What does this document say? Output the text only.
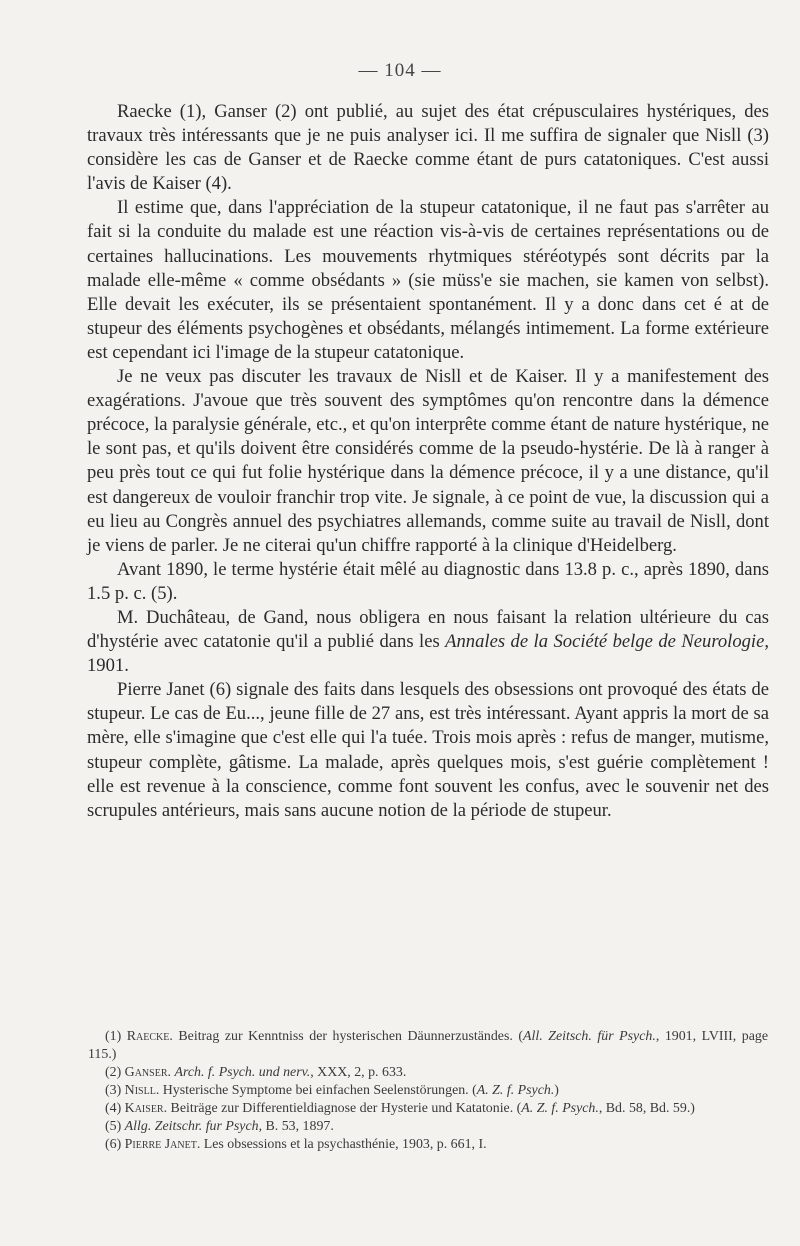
— 104 —

Raecke (1), Ganser (2) ont publié, au sujet des état crépusculaires hystériques, des travaux très intéressants que je ne puis analyser ici. Il me suffira de signaler que Nisll (3) considère les cas de Ganser et de Raecke comme étant de purs catatoniques. C'est aussi l'avis de Kaiser (4).

Il estime que, dans l'appréciation de la stupeur catatonique, il ne faut pas s'arrêter au fait si la conduite du malade est une réaction vis-à-vis de certaines représentations ou de certaines hallucinations. Les mouvements rhytmiques stéréotypés sont décrits par la malade elle-même « comme obsédants » (sie müss'e sie machen, sie kamen von selbst). Elle devait les exécuter, ils se présentaient spontanément. Il y a donc dans cet é at de stupeur des éléments psychogènes et obsédants, mélangés intimement. La forme extérieure est cependant ici l'image de la stupeur catatonique.

Je ne veux pas discuter les travaux de Nisll et de Kaiser. Il y a manifestement des exagérations. J'avoue que très souvent des symptômes qu'on rencontre dans la démence précoce, la paralysie générale, etc., et qu'on interprête comme étant de nature hystérique, ne le sont pas, et qu'ils doivent être considérés comme de la pseudo-hystérie. De là à ranger à peu près tout ce qui fut folie hystérique dans la démence précoce, il y a une distance, qu'il est dangereux de vouloir franchir trop vite. Je signale, à ce point de vue, la discussion qui a eu lieu au Congrès annuel des psychiatres allemands, comme suite au travail de Nisll, dont je viens de parler. Je ne citerai qu'un chiffre rapporté à la clinique d'Heidelberg.

Avant 1890, le terme hystérie était mêlé au diagnostic dans 13.8 p. c., après 1890, dans 1.5 p. c. (5).

M. Duchâteau, de Gand, nous obligera en nous faisant la relation ultérieure du cas d'hystérie avec catatonie qu'il a publié dans les Annales de la Société belge de Neurologie, 1901.

Pierre Janet (6) signale des faits dans lesquels des obsessions ont provoqué des états de stupeur. Le cas de Eu..., jeune fille de 27 ans, est très intéressant. Ayant appris la mort de sa mère, elle s'imagine que c'est elle qui l'a tuée. Trois mois après : refus de manger, mutisme, stupeur complète, gâtisme. La malade, après quelques mois, s'est guérie complètement ! elle est revenue à la conscience, comme font souvent les confus, avec le souvenir net des scrupules antérieurs, mais sans aucune notion de la période de stupeur.

(1) Raecke. Beitrag zur Kenntniss der hysterischen Däunnerzuständes. (All. Zeitsch. für Psych., 1901, LVIII, page 115.)

(2) Ganser. Arch. f. Psych. und nerv., XXX, 2, p. 633.

(3) Nisll. Hysterische Symptome bei einfachen Seelenstörungen. (A. Z. f. Psych.)

(4) Kaiser. Beiträge zur Differentieldiagnose der Hysterie und Katatonie. (A. Z. f. Psych., Bd. 58, Bd. 59.)

(5) Allg. Zeitschr. fur Psych, B. 53, 1897.

(6) Pierre Janet. Les obsessions et la psychasthénie, 1903, p. 661, I.
